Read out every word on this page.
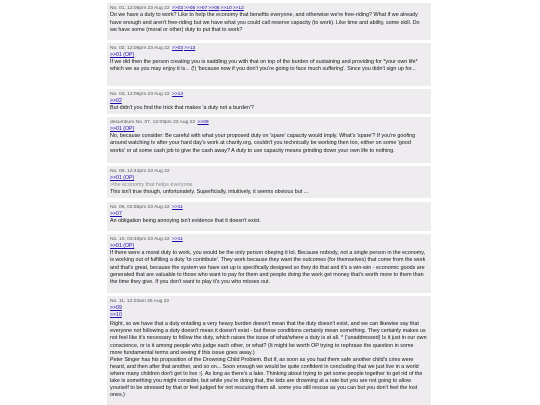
No. 01, 12:06pm 23 Aug 22 >>03>>06>>07>>08>>10>>12
Do we have a duty to work? Like to help the economy that benefits everyone, and otherwise we're free-riding? What if we already have enough and aren't free-riding but we have what you could call reserve capacity (to work). Like time and ability, some skill. Do we have some (moral or other) duty to put that to work?
No. 02, 12:06pm 23 Aug 22 >>03>>13
>>01 (OP)
If we did then the person creating you is saddling you with that on top of the burden of sustaining and providing for *your own life* which we as you may enjoy it is... (!) 'because now if you don't you're going to face much suffering'. Since you didn't sign up for...
No. 03, 12:06pm 23 Aug 22 >>14
>>02
But didn't you find the trick that makes 'a duty not a burden'?
desumbum No. 07, 12:03pm 23 Aug 22 >>09
>>01 (OP)
No, because consider: Be careful with what your proposed duty on 'spare' capacity would imply. What's 'spare'? If you're goofing around watching tv after your hard day's work at charity.org, couldn't you technically be working then too, either on some 'good works' or at some cash job to give the cash away? A duty to use capacity means grinding down your own life to nothing.
No. 05, 12:44pm 23 Aug 22
>>01 (OP)
>the economy that helps everyone
This isn't true though, unfortunately. Superficially, intuitively, it seems obvious but ...
No. 06, 02:55pm 23 Aug 22 >>11
>>07
An obligation being annoying isn't evidence that it doesn't exist.
No. 10, 03:40pm 23 Aug 22 >>11
>>01 (OP)
If there were a moral duty to work, you would be the only person obeying it lol. Because nobody, not a single person in the economy, is working out of fulfilling a duty 'to contribute'. They work because they want the outcomes (for themselves) that come from the work and that's great, because the system we have set up is specifically designed so they do that and it's a win-win - economic goods are generated that are valuable to those who want to pay for them and people doing the work get money that's worth more to them than the time they give. If you don't want to play it's you who misses out.
No. 11, 12:23am 25 Aug 22
>>09
>>10
Right, so we have that a duty entailing a very heavy burden doesn't mean that the duty doesn't exist, and we can likewise say that everyone not following a duty doesn't mean it doesn't exist - but these conditions certainly mean something. They certainly makes us not feel like it's necessary to follow the duty, which raises the issue of what/where a duty is at all. * ('unaddressed) Is it just in our own conscience, or is it among people who judge each other, or what? (It might be worth OP trying to rephrase the question in some more fundamental terms and seeing if this issue goes away.)
Peter Singer has his proposition of the Drowning Child Problem. But if, as soon as you had them safe another child's cries were heard, and then after that another, and so on... Soon enough we would be quite confident in concluding that we just live in a world where many children don't get to live :(. As long as there's a lake. Thinking about trying to get some people together to get rid of the lake is something you might consider, but while you're doing that, the kids are drowning at a rate but you are not going to allow yourself to be stressed by that or feel judged for not rescuing them all. some you still rescue as you can but you don't feel the lost ones.)
